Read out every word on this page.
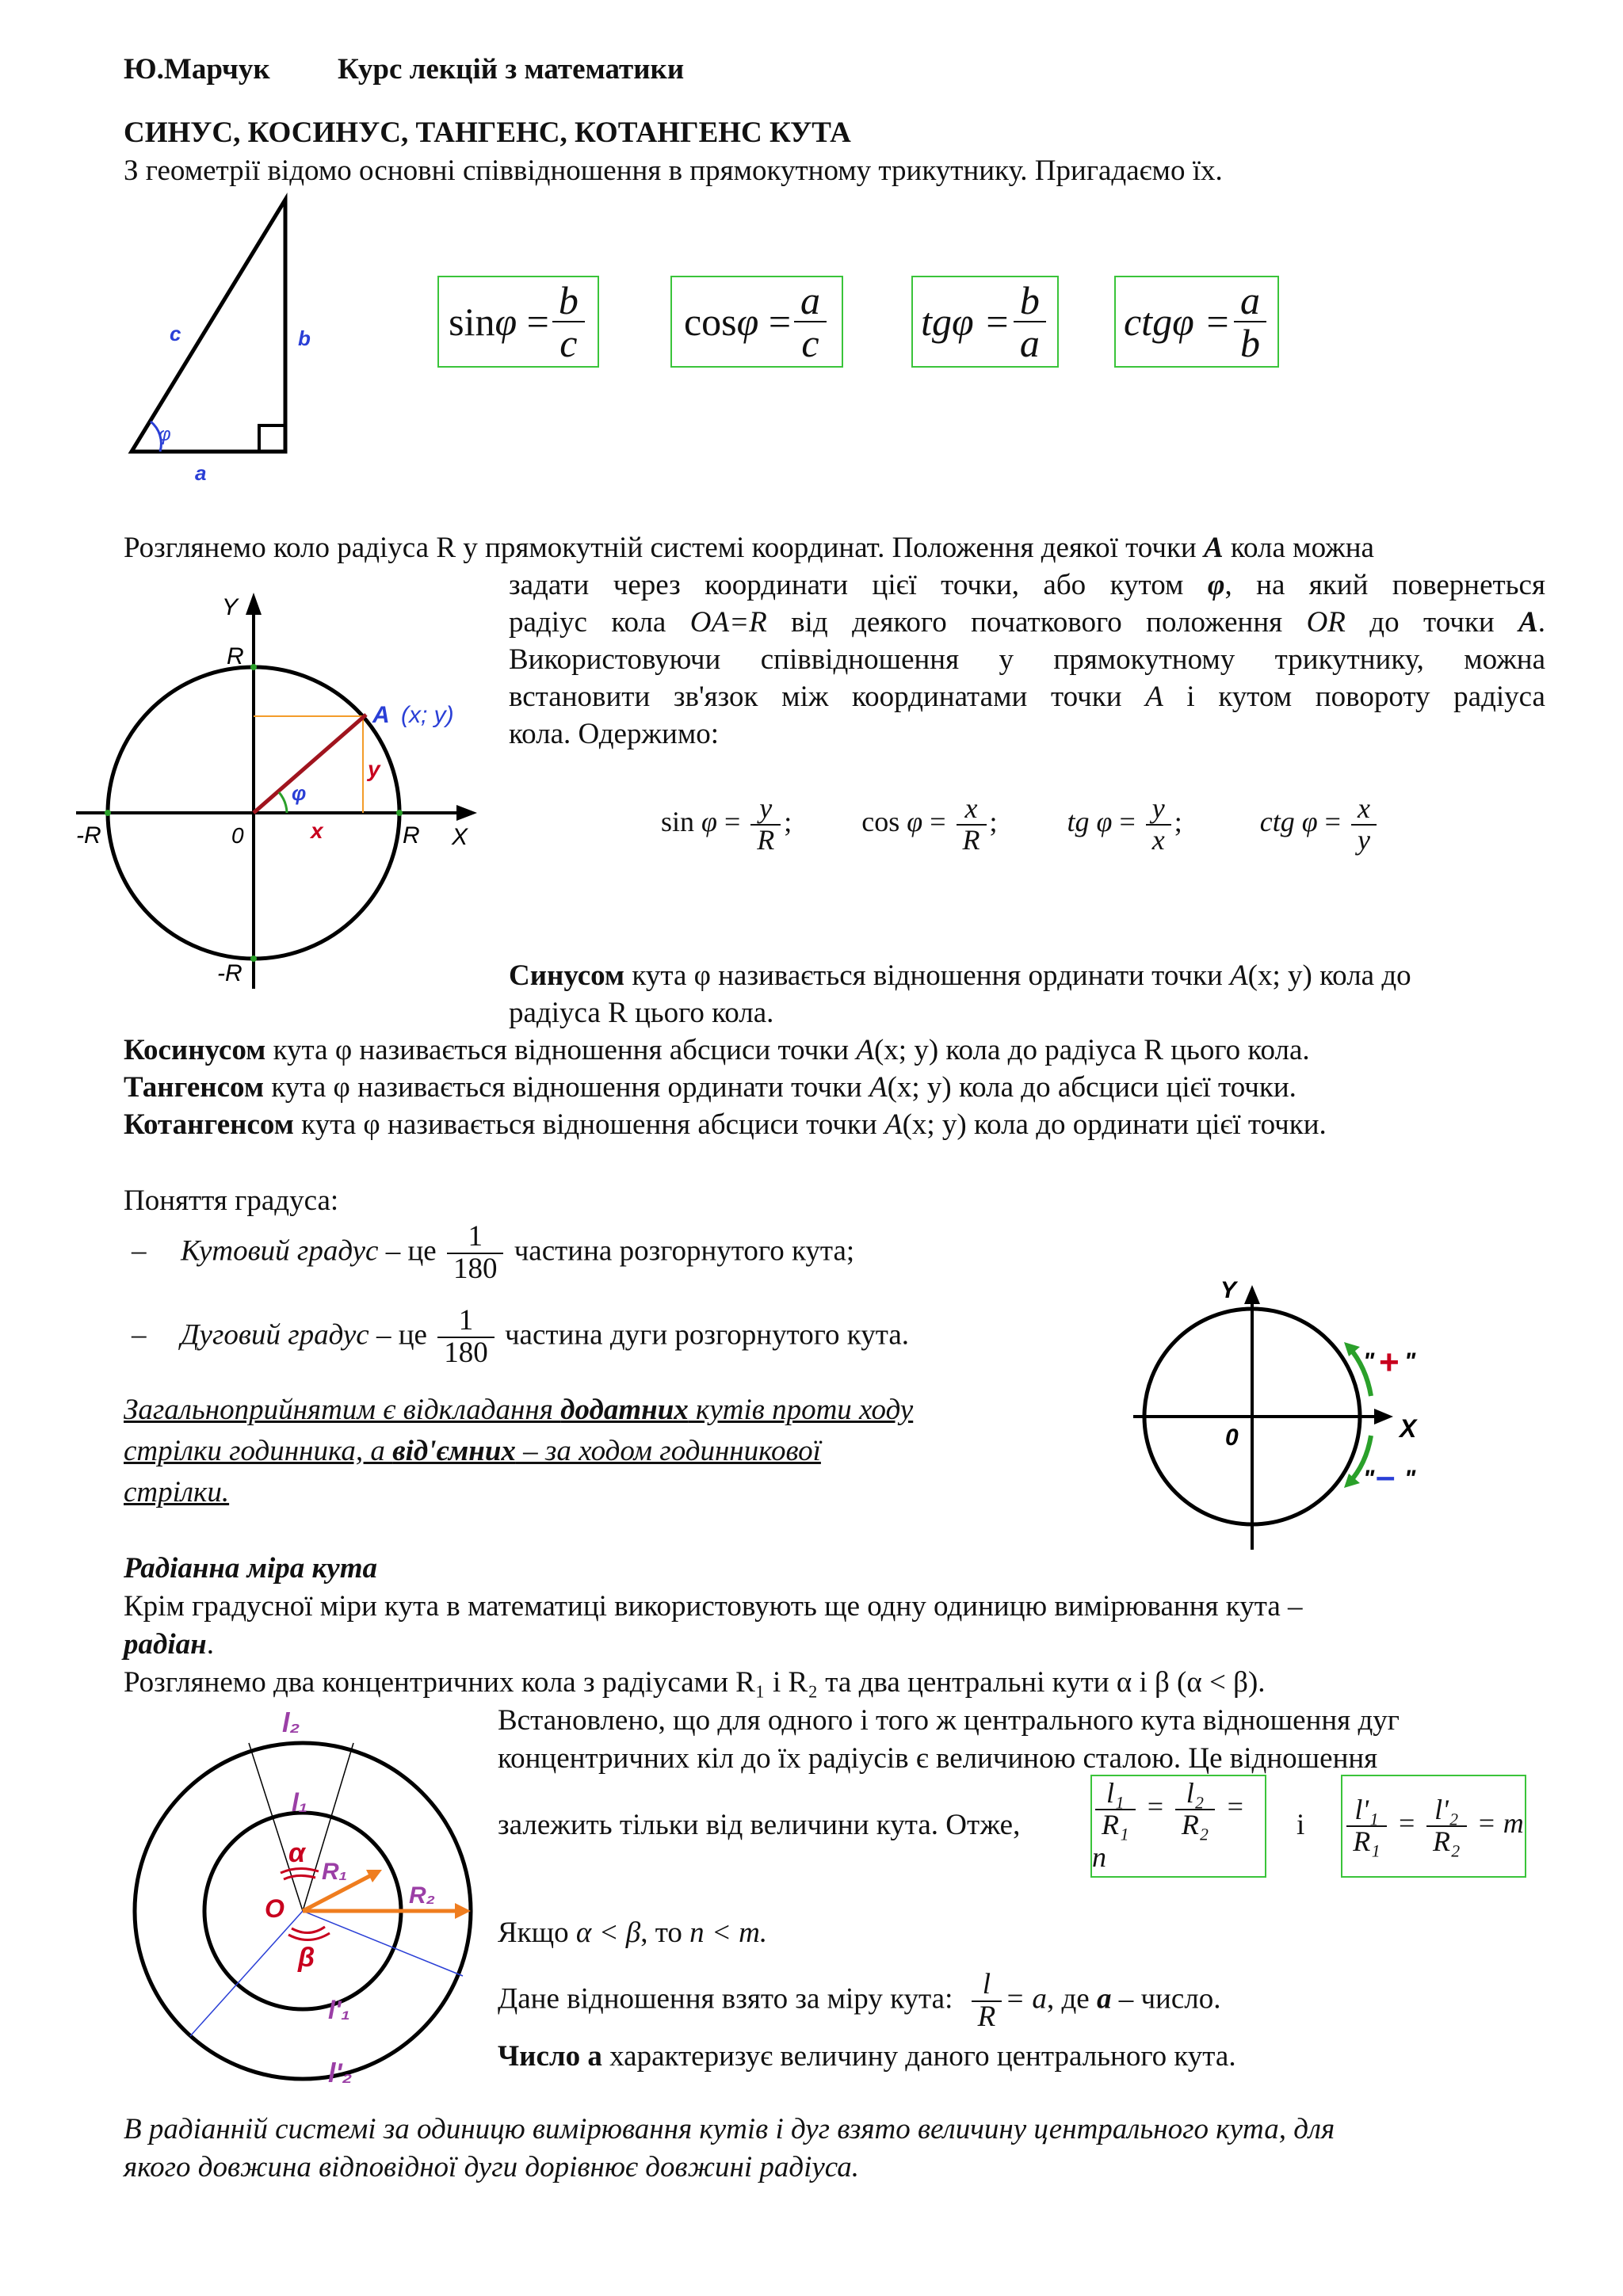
Ю.Марчук Курс лекцій з математики
СИНУС, КОСИНУС, ТАНГЕНС, КОТАНГЕНС КУТА
З геометрії відомо основні співвідношення в прямокутному трикутнику. Пригадаємо їх.
c	b
a
φ
$\sin\varphi = \frac{b}{c}$	$\cos\varphi = \frac{a}{c}$ $tg\varphi = \frac{b}{a}$ $ctg\varphi = \frac{a}{b}$
Розглянемо коло радіуса R у прямокутній системі координат. Положення деякої точки A кола можна
задати через координати цієї точки, або кутом φ, на який повернеться
радіус кола OA=R від деякого початкового положення OR до точки A.
Використовуючи співвідношення у прямокутному трикутнику, можна
встановити зв'язок між координатами точки A і кутом повороту радіуса
кола. Одержимо:
Y
X
R
R
-R
-R
0
A (x; y)
y
x
φ
$\sin \varphi = \frac{y}{R}$ ; $\cos \varphi = \frac{x}{R}$ ; tg $\varphi = \frac{y}{x}$ ;	ctg $\varphi = \frac{x}{y}$
Синусом кута φ називається відношення ординати точки A(x; y) кола до
радіуса R цього кола.
Косинусом кута φ називається відношення абсциси точки A(x; y) кола до радіуса R цього кола.
Тангенсом кута φ називається відношення ординати точки A(x; y) кола до абсциси цієї точки.
Котангенсом кута φ називається відношення абсциси точки A(x; y) кола до ординати цієї точки.
Поняття градуса:
– Кутовий градус – це $\frac{1}{180}$ частина розгорнутого кута;
– Дуговий градус – це $\frac{1}{180}$ частина дуги розгорнутого кута.
Загальноприйнятим є відкладання додатних кутів проти ходу
стрілки годинника, а від'ємних – за ходом годинникової
стрілки.
Y
X
0
" + "
" – "
Радіанна міра кута
Крім градусної міри кута в математиці використовують ще одну одиницю вимірювання кута –
радіан.
Розглянемо два концентричних кола з радіусами R₁ і R₂ та два центральні кути α і β (α < β).
Встановлено, що для одного і того ж центрального кута відношення дуг
концентричних кіл до їх радіусів є величиною сталою. Це відношення
залежить тільки від величини кута. Отже,	$\frac{\text{l₁}}{\text{R₁}} = \frac{\text{l₂}}{\text{R₂}} = n$
і $\frac{\text{l'₁}}{\text{R₁}} = \frac{\text{l'₂}}{\text{R₂}} = m$
Якщо α < β, то n < m.
Дане відношення взято за міру кута: $\frac{l}{R} = a$, де a – число.
Число a характеризує величину даного центрального кута.
l₂
l₁
α
R₁
R₂
O
β
l'₁
l'₂
В радіанній системі за одиницю вимірювання кутів і дуг взято величину центрального кута, для
якого довжина відповідної дуги дорівнює довжині радіуса.
